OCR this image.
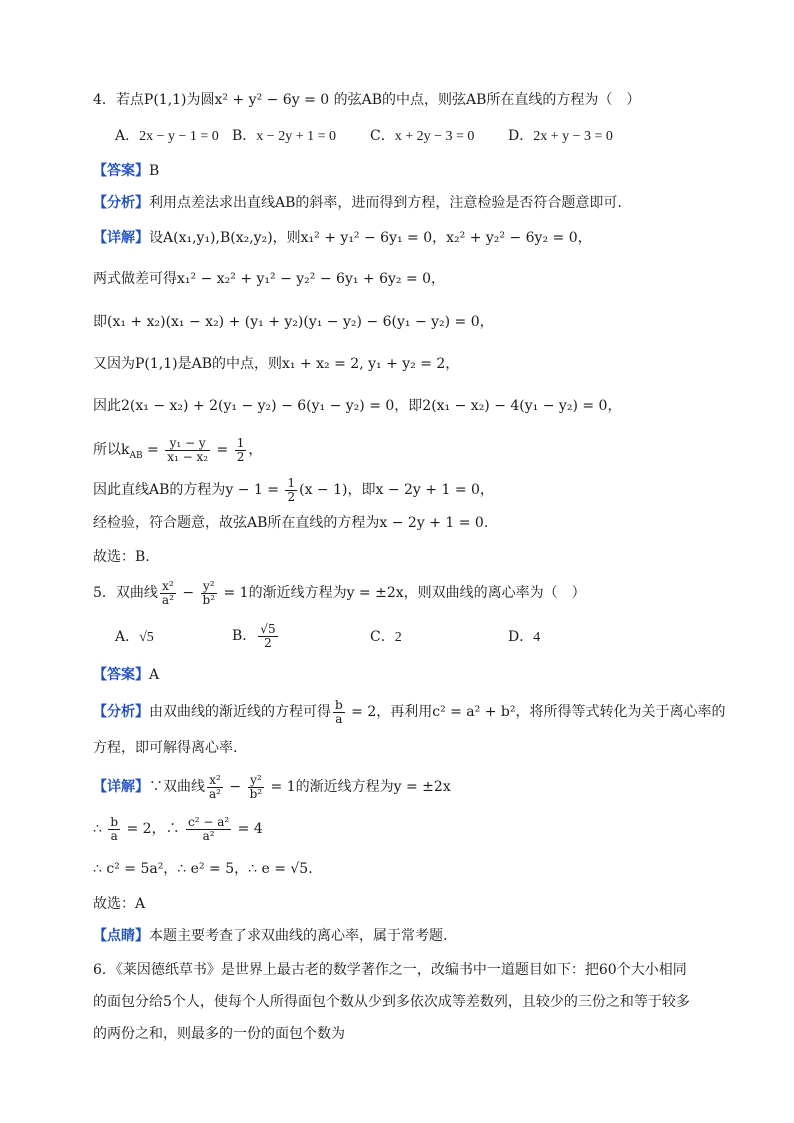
4．若点P(1,1)为圆x² + y² − 6y = 0 的弦AB的中点，则弦AB所在直线的方程为（　）
A．2x − y − 1 = 0 B．x − 2y + 1 = 0 C．x + 2y − 3 = 0 D．2x + y − 3 = 0
【答案】B
【分析】利用点差法求出直线AB的斜率，进而得到方程，注意检验是否符合题意即可.
【详解】设A(x₁,y₁),B(x₂,y₂)，则x₁² + y₁² − 6y₁ = 0，x₂² + y₂² − 6y₂ = 0，
两式做差可得x₁² − x₂² + y₁² − y₂² − 6y₁ + 6y₂ = 0，
即(x₁ + x₂)(x₁ − x₂) + (y₁ + y₂)(y₁ − y₂) − 6(y₁ − y₂) = 0，
又因为P(1,1)是AB的中点，则x₁ + x₂ = 2, y₁ + y₂ = 2，
因此2(x₁ − x₂) + 2(y₁ − y₂) − 6(y₁ − y₂) = 0，即2(x₁ − x₂) − 4(y₁ − y₂) = 0，
所以$k_{AB} = \frac{\text{y₁ − y}}{\text{x₁ − x₂}} = \frac{1}{2}$ ，
因此直线AB的方程为$y - 1 = \frac{1}{2} (x - 1)$，即x − 2y + 1 = 0，
经检验，符合题意，故弦AB所在直线的方程为x − 2y + 1 = 0.
故选：B.
5．双曲线 $\frac{\text{x²}}{\text{a²}} - \frac{\text{y²}}{\text{b²}} = 1$的渐近线方程为y = ±2x，则双曲线的离心率为（　）
A．√5	B． $\frac{√5}{2}$	C．2	D．4
【答案】A
【分析】由双曲线的渐近线的方程可得 $\frac{b}{a} = 2$，再利用c² = a² + b²，将所得等式转化为关于离心率的
方程，即可解得离心率.
【详解】∵双曲线 $\frac{\text{x²}}{\text{a²}} - \frac{\text{y²}}{\text{b²}} = 1$的渐近线方程为y = ±2x
∴ $\frac{b}{a} = 2$，∴ $\frac{\text{c² − a²}}{\text{a²}} = 4$
∴ c² = 5a²，∴ e² = 5，∴ e = √5.
故选：A
【点睛】本题主要考查了求双曲线的离心率，属于常考题.
6．《莱因德纸草书》是世界上最古老的数学著作之一，改编书中一道题目如下：把60个大小相同
的面包分给5个人，使每个人所得面包个数从少到多依次成等差数列，且较少的三份之和等于较多
的两份之和，则最多的一份的面包个数为
